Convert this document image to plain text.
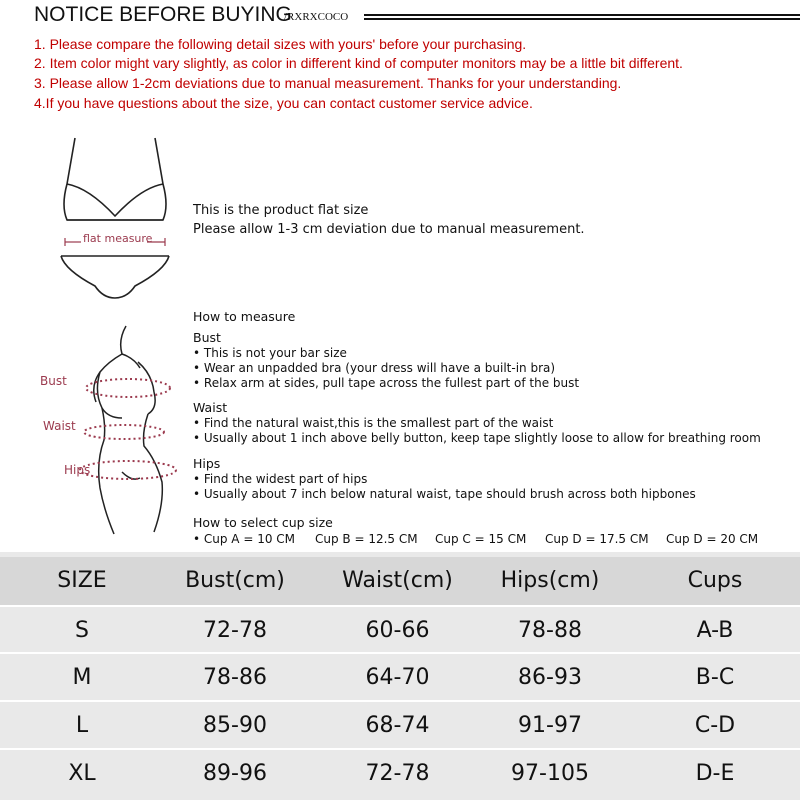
NOTICE BEFORE BUYING
/RXRXCOCO
1. Please compare the following detail sizes with yours' before your purchasing.
2. Item color might vary slightly, as color in different kind of computer monitors may be a little bit different.
3. Please allow 1-2cm deviations due to manual measurement. Thanks for your understanding.
4.If you have questions about the size, you can contact customer service advice.
flat measure
This is the product flat size
Please allow 1-3 cm deviation due to manual measurement.
Bust
Waist
Hips
How to measure
Bust
• This is not your bar size
• Wear an unpadded bra (your dress will have a built-in bra)
• Relax arm at sides, pull tape across the fullest part of the bust
Waist
• Find the natural waist,this is the smallest part of the waist
• Usually about 1 inch above belly button, keep tape slightly loose to allow for breathing room
Hips
• Find the widest part of hips
• Usually about 7 inch below natural waist, tape should brush across both hipbones
How to select cup size
• Cup A = 10 CM Cup B = 12.5 CM Cup C = 15 CM Cup D = 17.5 CM Cup D = 20 CM
SIZE	Bust(cm)	Waist(cm)	Hips(cm)	Cups
S	72-78	60-66	78-88	A-B
M	78-86	64-70	86-93	B-C
L	85-90	68-74	91-97	C-D
XL	89-96	72-78	97-105	D-E
